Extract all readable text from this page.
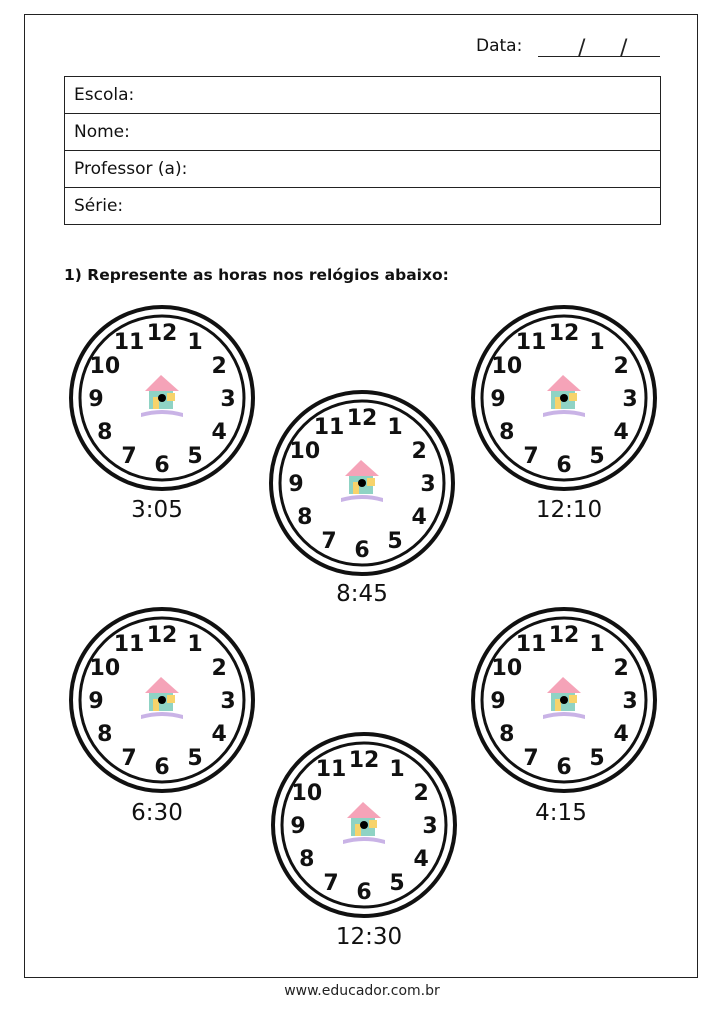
Data:	/ /
Escola:
Nome:
Professor (a):
Série:
1) Represente as horas nos relógios abaixo:
12 1
2
3
4
5
6
7
8
9
10
11
3:05
12 1
2
3
4
5
6
7
8
9
10
11
8:45
12 1
2
3
4
5
6
7
8
9
10
11
12:10
12 1
2
3
4
5
6
7
8
9
10
11
6:30
12 1
2
3
4
5
6
7
8
9
10
11
12:30
12 1
2
3
4
5
6
7
8
9
10
11
4:15
www.educador.com.br
